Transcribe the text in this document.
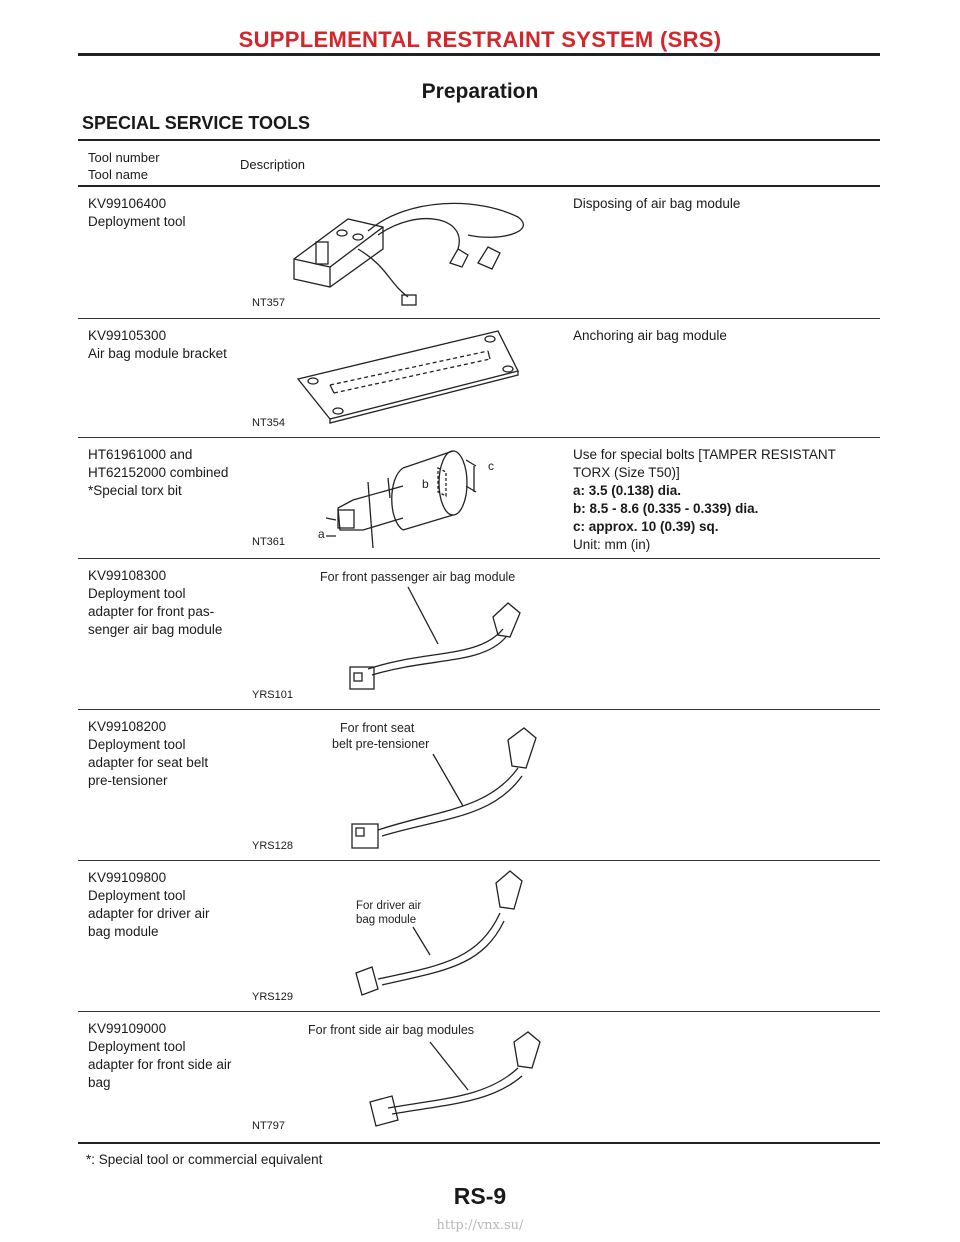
SUPPLEMENTAL RESTRAINT SYSTEM (SRS)
Preparation
SPECIAL SERVICE TOOLS
Tool number
Tool name
Description
KV99106400
Deployment tool
NT357
Disposing of air bag module
KV99105300
Air bag module bracket
NT354
Anchoring air bag module
HT61961000 and
HT62152000 combined
*Special torx bit	b
a
c
NT361
Use for special bolts [TAMPER RESISTANT
TORX (Size T50)]
a: 3.5 (0.138) dia.
b: 8.5 - 8.6 (0.335 - 0.339) dia.
c: approx. 10 (0.39) sq.
Unit: mm (in)
KV99108300
Deployment tool
adapter for front pas-
senger air bag module
For front passenger air bag module
YRS101
KV99108200
Deployment tool
adapter for seat belt
pre-tensioner
For front seat
belt pre-tensioner
YRS128
KV99109800
Deployment tool
adapter for driver air
bag module
For driver air
bag module
YRS129
KV99109000
Deployment tool
adapter for front side air
bag
For front side air bag modules
NT797
*: Special tool or commercial equivalent
RS-9
http://vnx.su/
